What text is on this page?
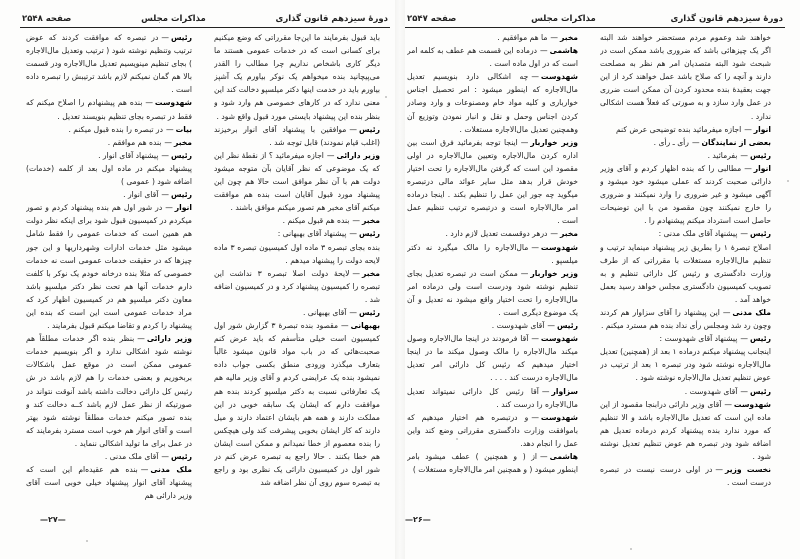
دورهٔ سیزدهم قانون گذاری
مذاکرات مجلس
صفحه ۲۵۴۸

باید قبول بفرمایند ما این‌جا مقرراتی که وضع میکنیم برای کسانی است که در خدمات عمومی هستند ما دیگر کاری باشخاص نداریم چرا مطالب را القدر می‌پیچانید بنده میخواهم یک نوکر بیاورم یک آشپز بیاورم باید در خدمت اینها دکتر میلسپو دخالت کند این معنی ندارد که در کارهای خصوصی هم وارد شود و بنظر بنده این پیشنهاد بایستی مورد قبول واقع شود .

رئیس—موافقین با پیشنهاد آقای انوار برخیزند (اغلب قیام نمودند) قابل توجه شد .

وزیر دارائی—اجازه میفرمائید ؟ از نقطهٔ نظر این که یک موضوعی که نظر آقایان بآن متوجه میشود دولت هم با آن نظر موافق است حالا هم چون این پیشنهاد مورد قبول آقایان است بنده هم موافقت میکنم آقای مخبر هم تصور میکنم موافق باشند .

مخبر—بنده هم قبول میکنم .

رئیس—پیشنهاد آقای بهبهانی :

بنده بجای تبصره ۳ ماده اول کمیسیون تبصره ۳ ماده لایحه دولت را پیشنهاد میدهم .

مخبر—لایحهٔ دولت اصلا تبصره ۳ نداشت این تبصره را کمیسیون پیشنهاد کرد و در کمیسیون اضافه شد .

رئیس—آقای بهبهانی .

بهبهانی—مقصود بنده تبصرهٔ ۳ گزارش شور اول کمیسیون است خیلی متأسفم که باید عرض کنم صحبت‌هائی که در باب مواد قانون میشود غالباً بتعارف میگذرد ورودی منطق بکسی جواب داده نمیشود بنده یک عرایضی کردم و آقای وزیر مالیه هم یک تعارفاتی نسبت به دکتر میلسپو کردند بنده هم موافقت دارم که ایشان یک سابقه خوبی در این مملکت دارند و همه هم بایشان اعتماد دارند و میل دارند که کار ایشان بخوبی پیشرفت کند ولی هیچکس را بنده معصوم از خطا نمیدانم و ممکن است ایشان هم خطا بکنند . حالا راجع به تبصره عرض کنم در شور اول در کمیسیون دارائی یک نظری بود و راجع به تبصره سوم روی آن نظر اضافه شد

رئیس—در تبصره که موافقت کردند که عوض ترتیب وتنظیم نوشته شود ( ترتیب وتعدیل مال‌الاجاره ) بجای تنظیم مینویسیم تعدیل مال‌الاجاره ودر قسمت بالا هم گمان نمیکنم لازم باشد ترتیبش را تبصره داده است .

شهدوست—بنده هم پیشنهادم را اصلاح میکنم که فقط در تبصره بجای تنظیم بنویسند تعدیل .

بیات—در تبصره را بنده قبول میکنم .

مخبر—بنده هم موافقم .

رئیس—پیشنهاد آقای انوار .

پیشنهاد میکنم در ماده اول بعد از کلمه (خدمات) اضافه شود ( عمومی )

رئیس—آقای انوار .

انوار—در شور اول هم بنده پیشنهاد کردم و تصور میکردم در کمیسیون قبول شود برای اینکه نظر دولت هم همین است که خدمات عمومی را فقط شامل میشود مثل خدمات ادارات وشهرداریها و این جور چیزها که در حقیقت خدمات عمومی است نه خدمات خصوصی که مثلا بنده درخانه خودم یک نوکر با کلفت دارم خدمات آنها هم تحت نظر دکتر میلسپو باشد معاون دکتر میلسپو هم در کمیسیون اظهار کرد که مراد خدمات عمومی است این است که بنده این پیشنهاد را کردم و تقاضا میکنم قبول بفرمایند .

وزیر دارائی—بنظر بنده اگر خدمات مطلقاً هم نوشته شود اشکالی ندارد و اگر بنویسیم خدمات عمومی ممکن است در موقع عمل باشکالات بربخوریم و بعضی خدمات را هم لازم باشد در ش رئیس کل دارائی دخالت داشته باشد آنوقت نتواند در صورتیکه از نظر عمل لازم باشد کــه دخالت کند و بنده تصور میکنم خدمات مطلقاً نوشته شود بهتر است و آقای انوار هم خوب است مسترد بفرمایند که در عمل برای ما تولید اشکالی ننماید .

رئیس—آقای ملک مدنی .

ملک مدنی—بنده هم عقیده‌ام این است که پیشنهاد آقای انوار پیشنهاد خیلی خوبی است آقای وزیر دارائی هم

—۲۷—
دورهٔ سیزدهم قانون گذاری
مذاکرات مجلس
صفحه ۲۵۴۷

خواهند شد وعموم مردم مستحضر خواهند شد البته اگر یک چیزهائی باشد که ضروری باشد ممکن است در شبحث شود البته متصدیان امر هم نظر به مصلحت دارند و آنچه را که صلاح باشد عمل خواهند کرد از این جهت بعقیدهٔ بنده محدود کردن آن ممکن است ضرری در عمل وارد سازد و به صورتی که فعلاً هست اشکالی ندارد .

انوار—اجازه میفرمائید بنده توضیحی عرض کنم

بعضی از نمایندگان—رأی ـ رأی .

رئیس—بفرمائید .

انوار—مطالبی را که بنده اظهار کردم و آقای وزیر دارائی صحبت کردند که عملی میشود خود میشود و آگهی میشود و غیر ضروری را وارد نمیکنند و ضروری را خارج نمیکنند چون مقصود من با این توضیحات حاصل است استرداد میکنم پیشنهادم را .

رئیس—پیشنهاد آقای ملک مدنی :

اصلاح تبصرهٔ ۱ را بطریق زیر پیشنهاد مینماید ترتیب و تنظیم مال‌الاجاره مستغلات با مقرراتی که از طرف وزارت دادگستری و رئیس کل دارائی تنظیم و به تصویب کمیسیون دادگستری مجلس خواهد رسید بعمل خواهد آمد .

ملک مدنی—این پیشنهاد را آقای سزاوار هم کردند وچون رد شد ومجلس رأی نداد بنده هم مسترد میکنم .

رئیس—پیشنهاد آقای شهدوست :

اینجانب پیشنهاد میکنم درماده ۱ بعد از (همچنین) تعدیل مال‌الاجاره نوشته شود ودر تبصره ۱ بعد از ترتیب در عوض تنظیم تعدیل مال‌الاجاره نوشته شود .

رئیس—آقای شهدوست .

شهدوست—آقای وزیر دارائی درابنجا مقصود از این ماده این است که تعدیل مال‌الاجاره باشد و الا تنظیم که مورد ندارد بنده پیشنهاد کردم درماده تعدیل هم اضافه شود ودر تبصره هم عوض تنظیم تعدیل نوشته شود .

نخست وزیر—در اولی درست نیست در تبصره درست است .

مخبر—ما هم موافقیم .

هاشمی—درماده این قسمت هم عطف به کلمه امر است که در اول ماده است .

شهدوست—چه اشکالی دارد بنویسیم تعدیل مال‌الاجاره که اینطور میشود : امر تحصیل اجناس خوارباری و کلیه مواد خام ومصنوعات و وارد وصادر کردن اجناس وحمل و نقل و انبار نمودن وتوزیع آن وهمچنین تعدیل مال‌الاجاره مستغلات .

وزیر خواربار—اینجا توجه بفرمائید فرق است بین اداره کردن مال‌الاجاره وتعیین مال‌الاجاره در اولی مقصود این است که گرفتن مال‌الاجاره را تحت اختیار خودش قرار بدهد مثل سایر عوائد مالی درتبصره میگوید چه جور این عمل را تنظیم بکند . اینجا درماده امر مال‌الاجاره است و درتبصره ترتیب تنظیم عمل است .

مخبر—درهر دوقسمت تعدیل لازم دارد .

شهدوست—مال‌الاجاره را مالک میگیرد نه دکتر میلسپو .

وزیر خواربار—ممکن است در تبصره تعدیل بجای تنظیم نوشته شود ودرست است ولی درماده امر مال‌الاجاره را تحت اختیار واقع میشود نه تعدیل و آن یک موضوع دیگری است .

رئیس—آقای شهدوست .

شهدوست—آقا فرمودند در اینجا مال‌الاجاره وصول میکند مال‌الاجاره را مالک وصول میکند ما در اینجا اختیار میدهیم که رئیس کل دارائی امر تعدیل مال‌الاجاره درست کند . . . .

سزاوار—آقا رئیس کل دارائی نمیتواند تعدیل مال‌الاجاره را درست کند .

شهدوست—و درتبصره هم اختیار میدهیم که باموافقت وزارت دادگستری مقرراتی وضع کند واین عمل را انجام دهد.

هاشمی—از ( و همچنین ) عطف میشود بامر اینطور میشود ( و همچنین امر مال‌الاجاره مستغلات )

—۲۶—
